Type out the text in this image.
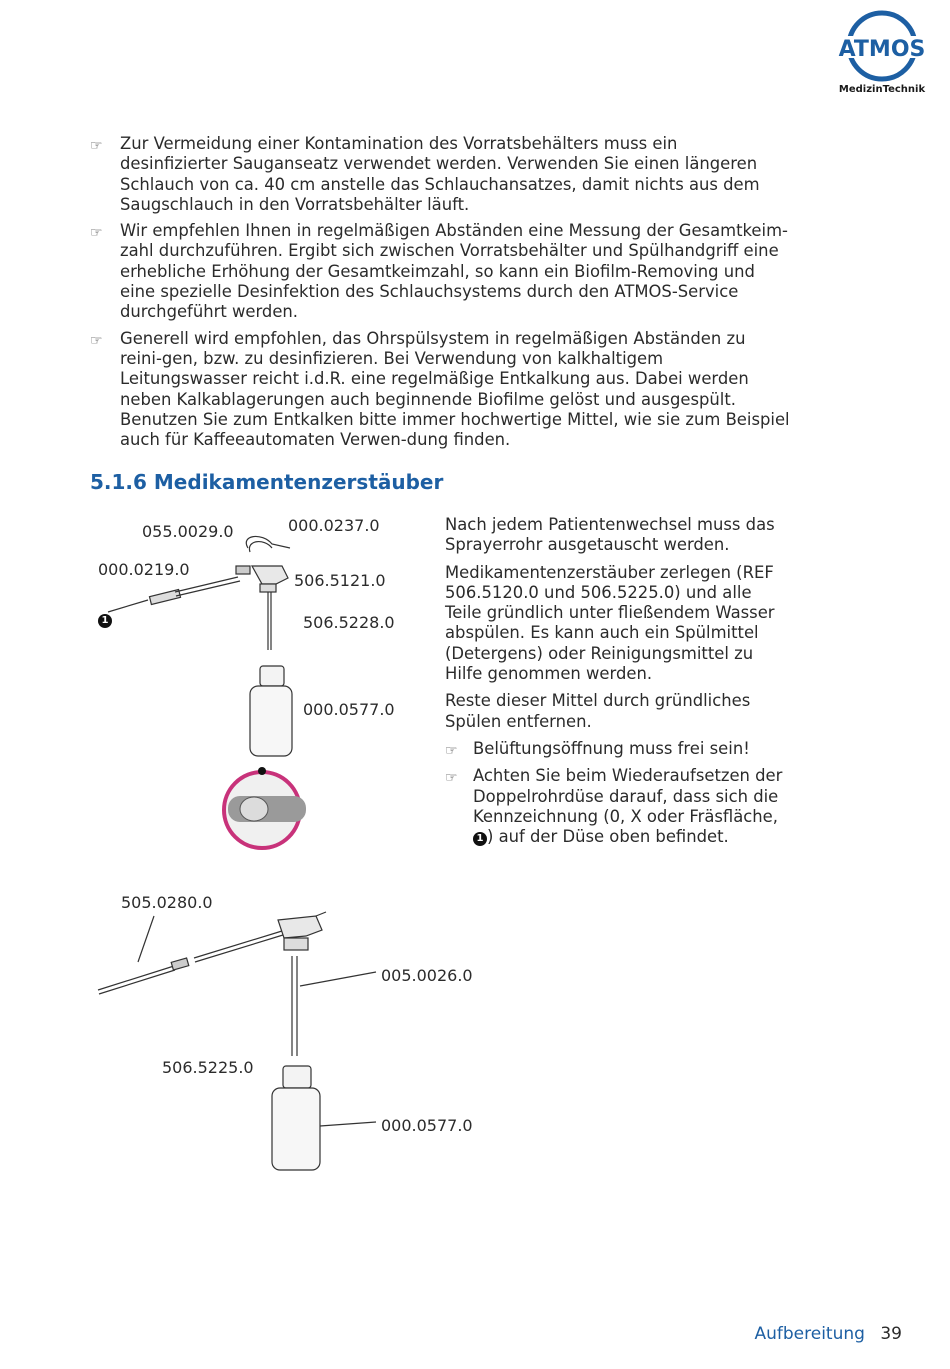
ATMOS
MedizinTechnik
☞ Zur Vermeidung einer Kontamination des Vorratsbehälters muss ein desinfizierter Sauganseatz verwendet werden. Verwenden Sie einen längeren Schlauch von ca. 40 cm anstelle das Schlauchansatzes, damit nichts aus dem Saugschlauch in den Vorratsbehälter läuft.
☞ Wir empfehlen Ihnen in regelmäßigen Abständen eine Messung der Gesamtkeim-zahl durchzuführen. Ergibt sich zwischen Vorratsbehälter und Spülhandgriff eine erhebliche Erhöhung der Gesamtkeimzahl, so kann ein Biofilm-Removing und eine spezielle Desinfektion des Schlauchsystems durch den ATMOS-Service durchgeführt werden.
☞ Generell wird empfohlen, das Ohrspülsystem in regelmäßigen Abständen zu reini-gen, bzw. zu desinfizieren. Bei Verwendung von kalkhaltigem Leitungswasser reicht i.d.R. eine regelmäßige Entkalkung aus. Dabei werden neben Kalkablagerungen auch beginnende Biofilme gelöst und ausgespült. Benutzen Sie zum Entkalken bitte immer hochwertige Mittel, wie sie zum Beispiel auch für Kaffeeautomaten Verwen-dung finden.
5.1.6 Medikamentenzerstäuber

Nach jedem Patientenwechsel muss das Sprayerrohr ausgetauscht werden.

Medikamentenzerstäuber zerlegen (REF 506.5120.0 und 506.5225.0) und alle Teile gründlich unter fließendem Wasser abspülen. Es kann auch ein Spülmittel (Detergens) oder Reinigungsmittel zu Hilfe genommen werden.

Reste dieser Mittel durch gründliches Spülen entfernen.

☞ Belüftungsöffnung muss frei sein!
☞ Achten Sie beim Wiederaufsetzen der Doppelrohrdüse darauf, dass sich die Kennzeichnung (0, X oder Fräsfläche, 1 ) auf der Düse oben befindet.
055.0029.0	000.0237.0
000.0219.0
506.5121.0
506.5228.0
000.0577.0
1
505.0280.0
005.0026.0
506.5225.0
000.0577.0
Aufbereitung 39
